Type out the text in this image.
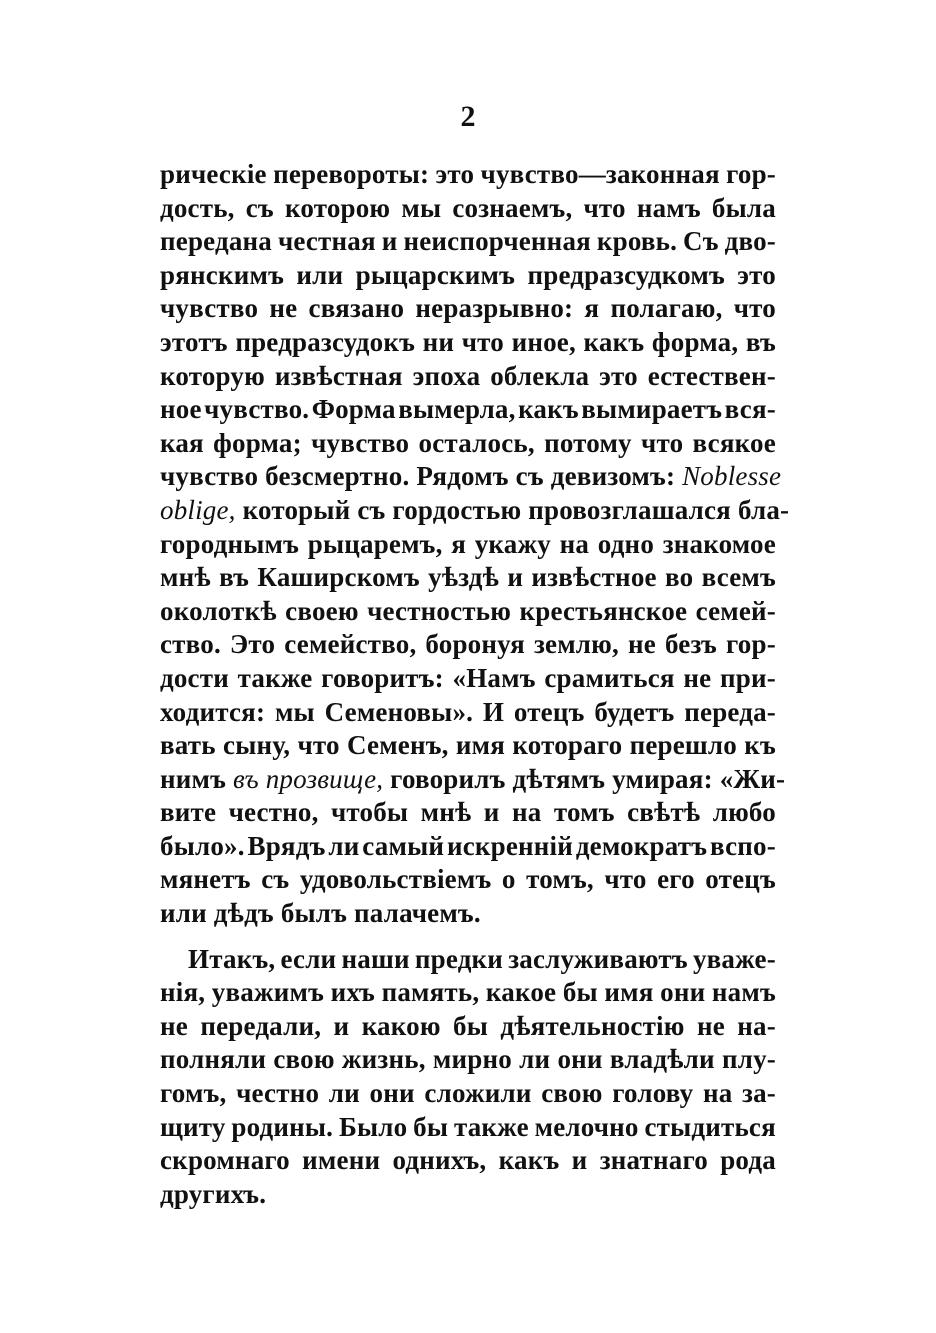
2
рическіе перевороты: это чувство—законная гор-
дость, съ которою мы сознаемъ, что намъ была
передана честная и неиспорченная кровь. Съ дво-
рянскимъ или рыцарскимъ предразсудкомъ это
чувство не связано неразрывно: я полагаю, что
этотъ предразсудокъ ни что иное, какъ форма, въ
которую извѣстная эпоха облекла это естествен-
ное чувство. Форма вымерла, какъ вымираетъ вся-
кая форма; чувство осталось, потому что всякое
чувство безсмертно. Рядомъ съ девизомъ: Noblesse
oblige, который съ гордостью провозглашался бла-
городнымъ рыцаремъ, я укажу на одно знакомое
мнѣ въ Каширскомъ уѣздѣ и извѣстное во всемъ
околоткѣ своею честностью крестьянское семей-
ство. Это семейство, боронуя землю, не безъ гор-
дости также говоритъ: «Намъ срамиться не при-
ходится: мы Семеновы». И отецъ будетъ переда-
вать сыну, что Семенъ, имя котораго перешло къ
нимъ въ прозвище, говорилъ дѣтямъ умирая: «Жи-
вите честно, чтобы мнѣ и на томъ свѣтѣ любо
было». Врядъ ли самый искренній демократъ вспо-
мянетъ съ удовольствіемъ о томъ, что его отецъ
или дѣдъ былъ палачемъ.
Итакъ, если наши предки заслуживаютъ уваже-
нія, уважимъ ихъ память, какое бы имя они намъ
не передали, и какою бы дѣятельностію не на-
полняли свою жизнь, мирно ли они владѣли плу-
гомъ, честно ли они сложили свою голову на за-
щиту родины. Было бы также мелочно стыдиться
скромнаго имени однихъ, какъ и знатнаго рода
другихъ.
